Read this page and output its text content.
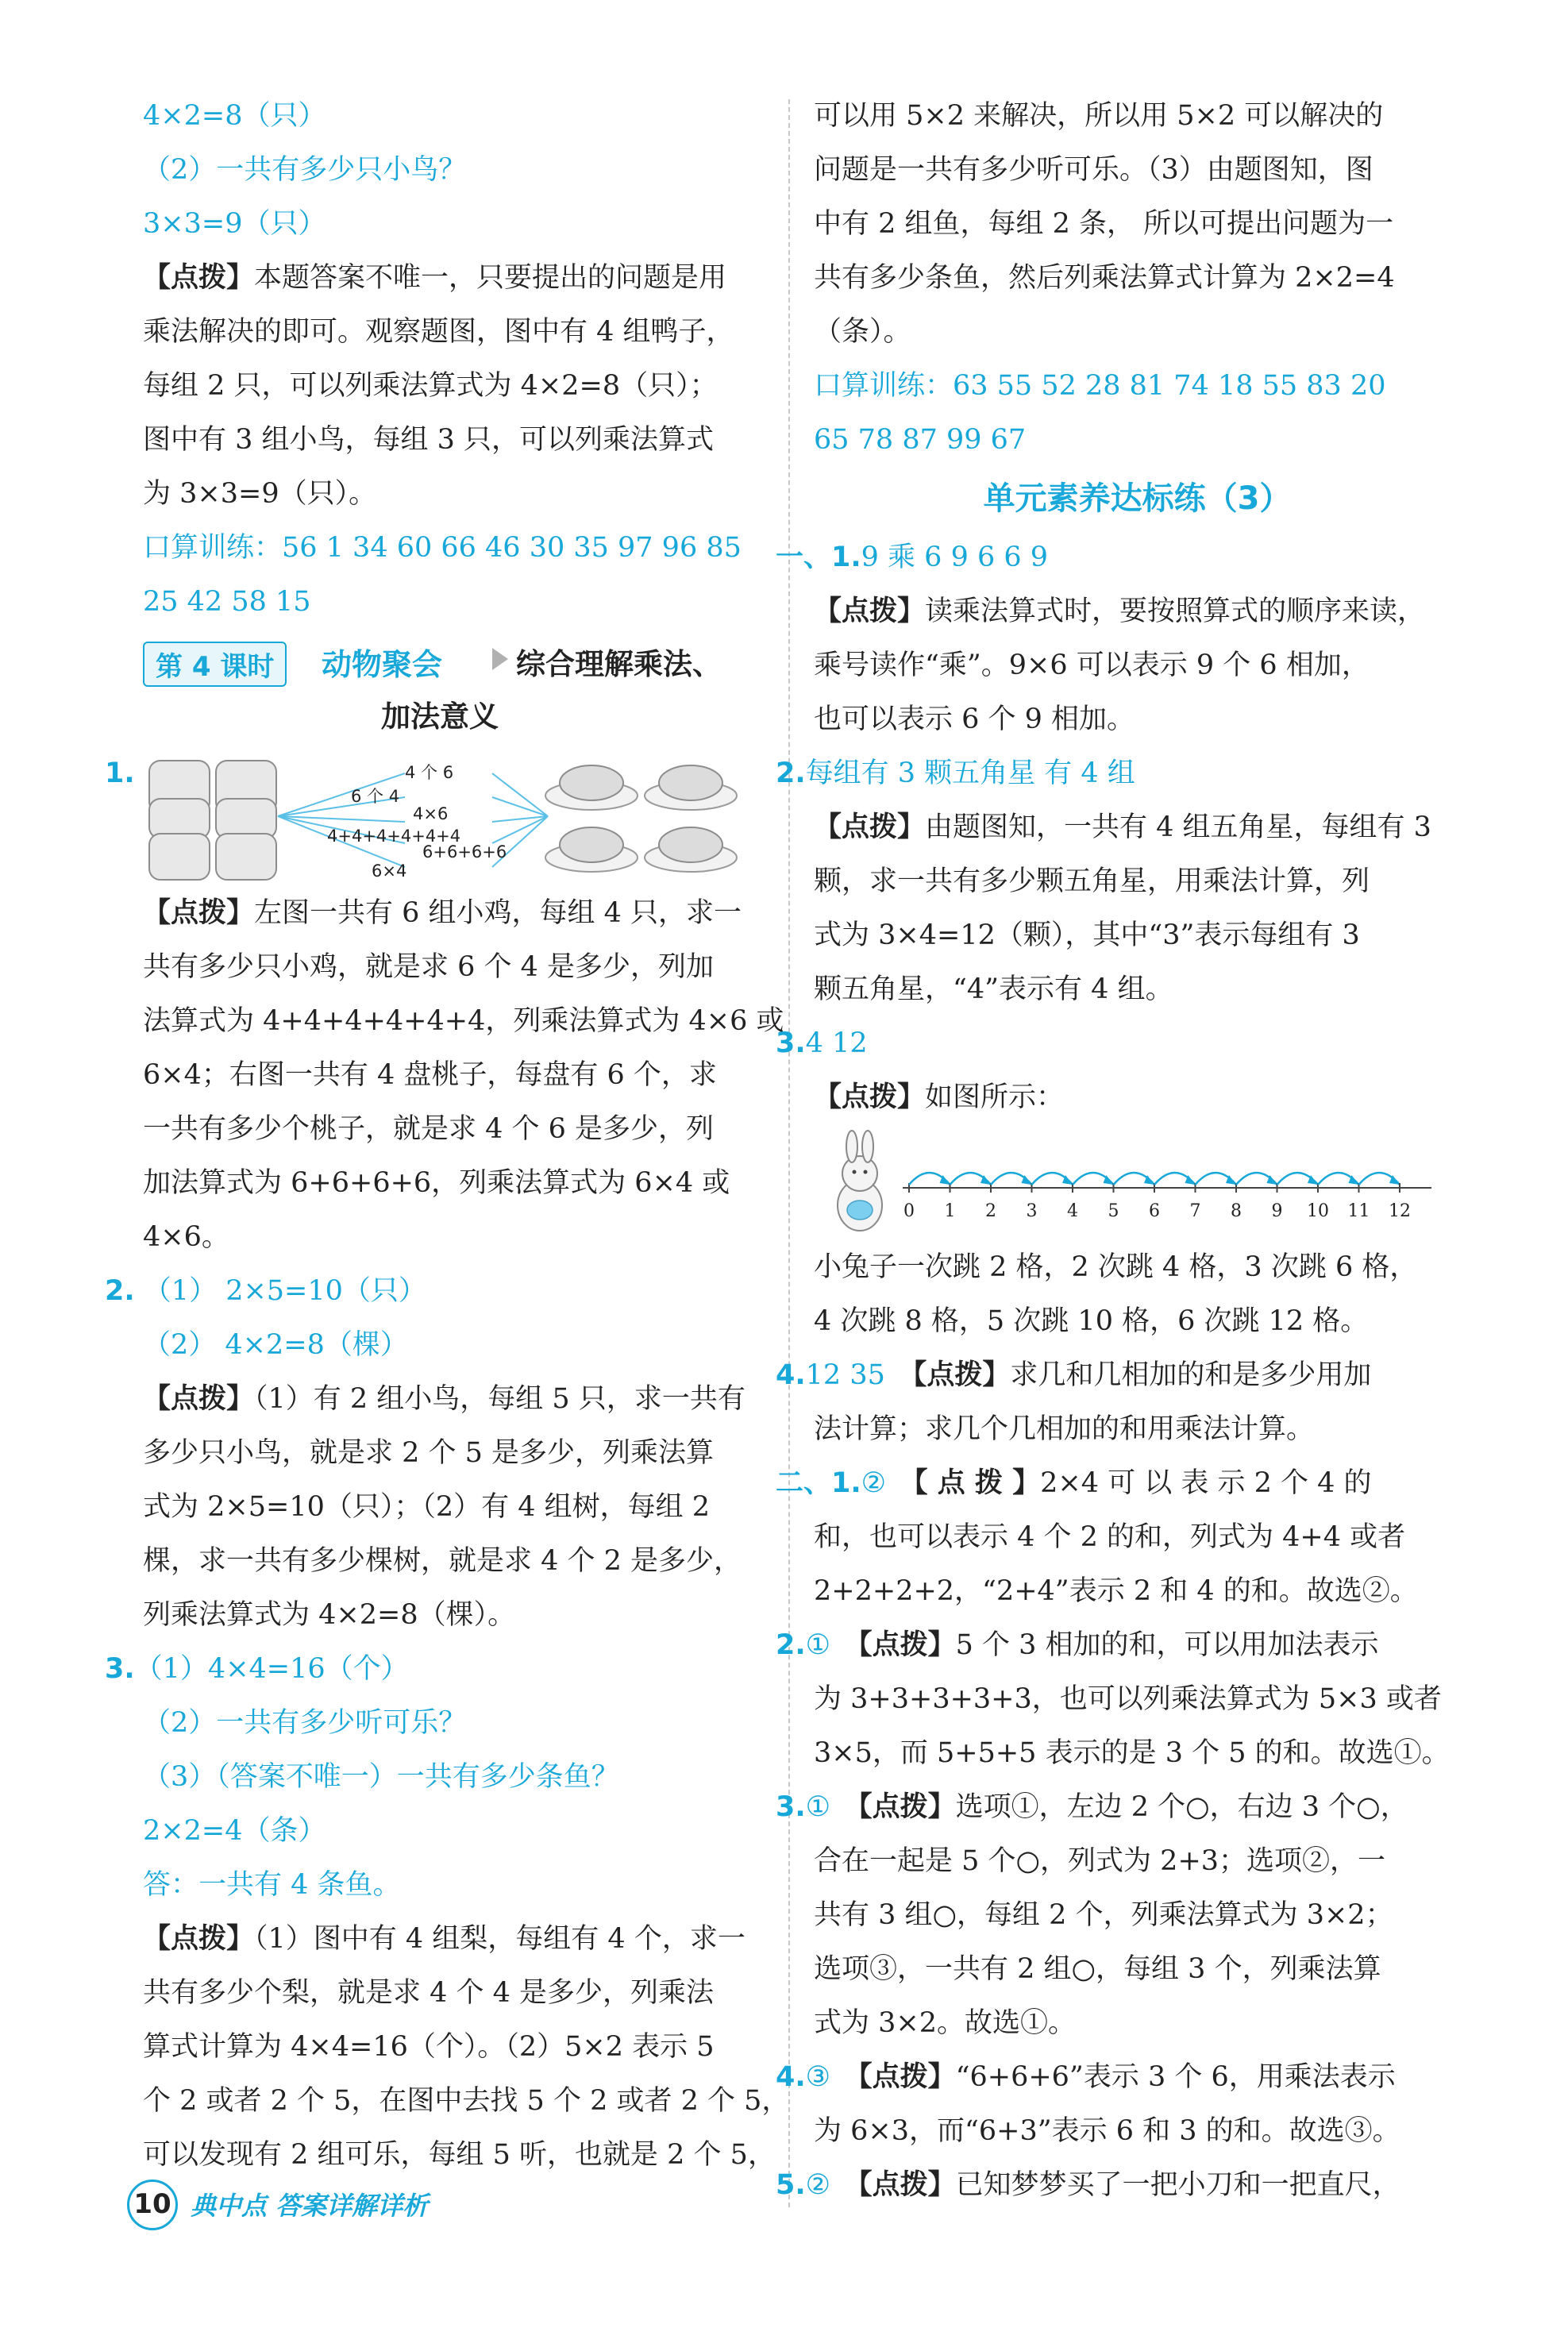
4×2=8（只）
（2）一共有多少只小鸟？
3×3=9（只）
【点拨】本题答案不唯一，只要提出的问题是用
乘法解决的即可。观察题图，图中有 4 组鸭子，
每组 2 只，可以列乘法算式为 4×2=8（只）；
图中有 3 组小鸟，每组 3 只，可以列乘法算式
为 3×3=9（只）。
口算训练：56 1 34 60 66 46 30 35 97 96 85
25 42 58 15
第 4 课时	动物聚会	综合理解乘法、
加法意义
1.	4 个 6
6 个 4
4×6
4+4+4+4+4+4
6+6+6+6
6×4
【点拨】左图一共有 6 组小鸡，每组 4 只，求一
共有多少只小鸡，就是求 6 个 4 是多少，列加
法算式为 4+4+4+4+4+4，列乘法算式为 4×6 或
6×4；右图一共有 4 盘桃子，每盘有 6 个，求
一共有多少个桃子，就是求 4 个 6 是多少，列
加法算式为 6+6+6+6，列乘法算式为 6×4 或
4×6。
2. （1） 2×5=10（只）
（2） 4×2=8（棵）
【点拨】（1）有 2 组小鸟，每组 5 只，求一共有
多少只小鸟，就是求 2 个 5 是多少，列乘法算
式为 2×5=10（只）；（2）有 4 组树，每组 2
棵，求一共有多少棵树，就是求 4 个 2 是多少，
列乘法算式为 4×2=8（棵）。
3.（1）4×4=16（个）
（2）一共有多少听可乐？
（3）（答案不唯一）一共有多少条鱼？
2×2=4（条）
答：一共有 4 条鱼。
【点拨】（1）图中有 4 组梨，每组有 4 个，求一
共有多少个梨，就是求 4 个 4 是多少，列乘法
算式计算为 4×4=16（个）。（2）5×2 表示 5
个 2 或者 2 个 5，在图中去找 5 个 2 或者 2 个 5，
可以发现有 2 组可乐，每组 5 听，也就是 2 个 5，
可以用 5×2 来解决，所以用 5×2 可以解决的
问题是一共有多少听可乐。（3）由题图知，图
中有 2 组鱼，每组 2 条， 所以可提出问题为一
共有多少条鱼，然后列乘法算式计算为 2×2=4
（条）。
口算训练：63 55 52 28 81 74 18 55 83 20
65 78 87 99 67
单元素养达标练（3）
一、1.9 乘 6 9 6 6 9
【点拨】读乘法算式时，要按照算式的顺序来读，
乘号读作“乘”。9×6 可以表示 9 个 6 相加，
也可以表示 6 个 9 相加。
2.每组有 3 颗五角星 有 4 组
【点拨】由题图知，一共有 4 组五角星，每组有 3
颗，求一共有多少颗五角星，用乘法计算，列
式为 3×4=12（颗），其中“3”表示每组有 3
颗五角星，“4”表示有 4 组。
3.4 12
【点拨】如图所示：
0 1 2 3 4 5 6 7 8 9 10 11 12
小兔子一次跳 2 格，2 次跳 4 格，3 次跳 6 格，
4 次跳 8 格，5 次跳 10 格，6 次跳 12 格。
4.12 35　 【点拨】求几和几相加的和是多少用加
法计算；求几个几相加的和用乘法计算。
二、1.②　 【 点 拨 】2×4 可 以 表 示 2 个 4 的
和，也可以表示 4 个 2 的和，列式为 4+4 或者
2+2+2+2，“2+4”表示 2 和 4 的和。故选②。
2.①　 【点拨】5 个 3 相加的和，可以用加法表示
为 3+3+3+3+3，也可以列乘法算式为 5×3 或者
3×5，而 5+5+5 表示的是 3 个 5 的和。故选①。
3.①　 【点拨】选项①，左边 2 个○，右边 3 个○，
合在一起是 5 个○，列式为 2+3；选项②，一
共有 3 组○，每组 2 个，列乘法算式为 3×2；
选项③，一共有 2 组○，每组 3 个，列乘法算
式为 3×2。故选①。
4.③　 【点拨】“6+6+6”表示 3 个 6，用乘法表示
为 6×3，而“6+3”表示 6 和 3 的和。故选③。
5.②　 【点拨】已知梦梦买了一把小刀和一把直尺，
10 典中点 答案详解详析
